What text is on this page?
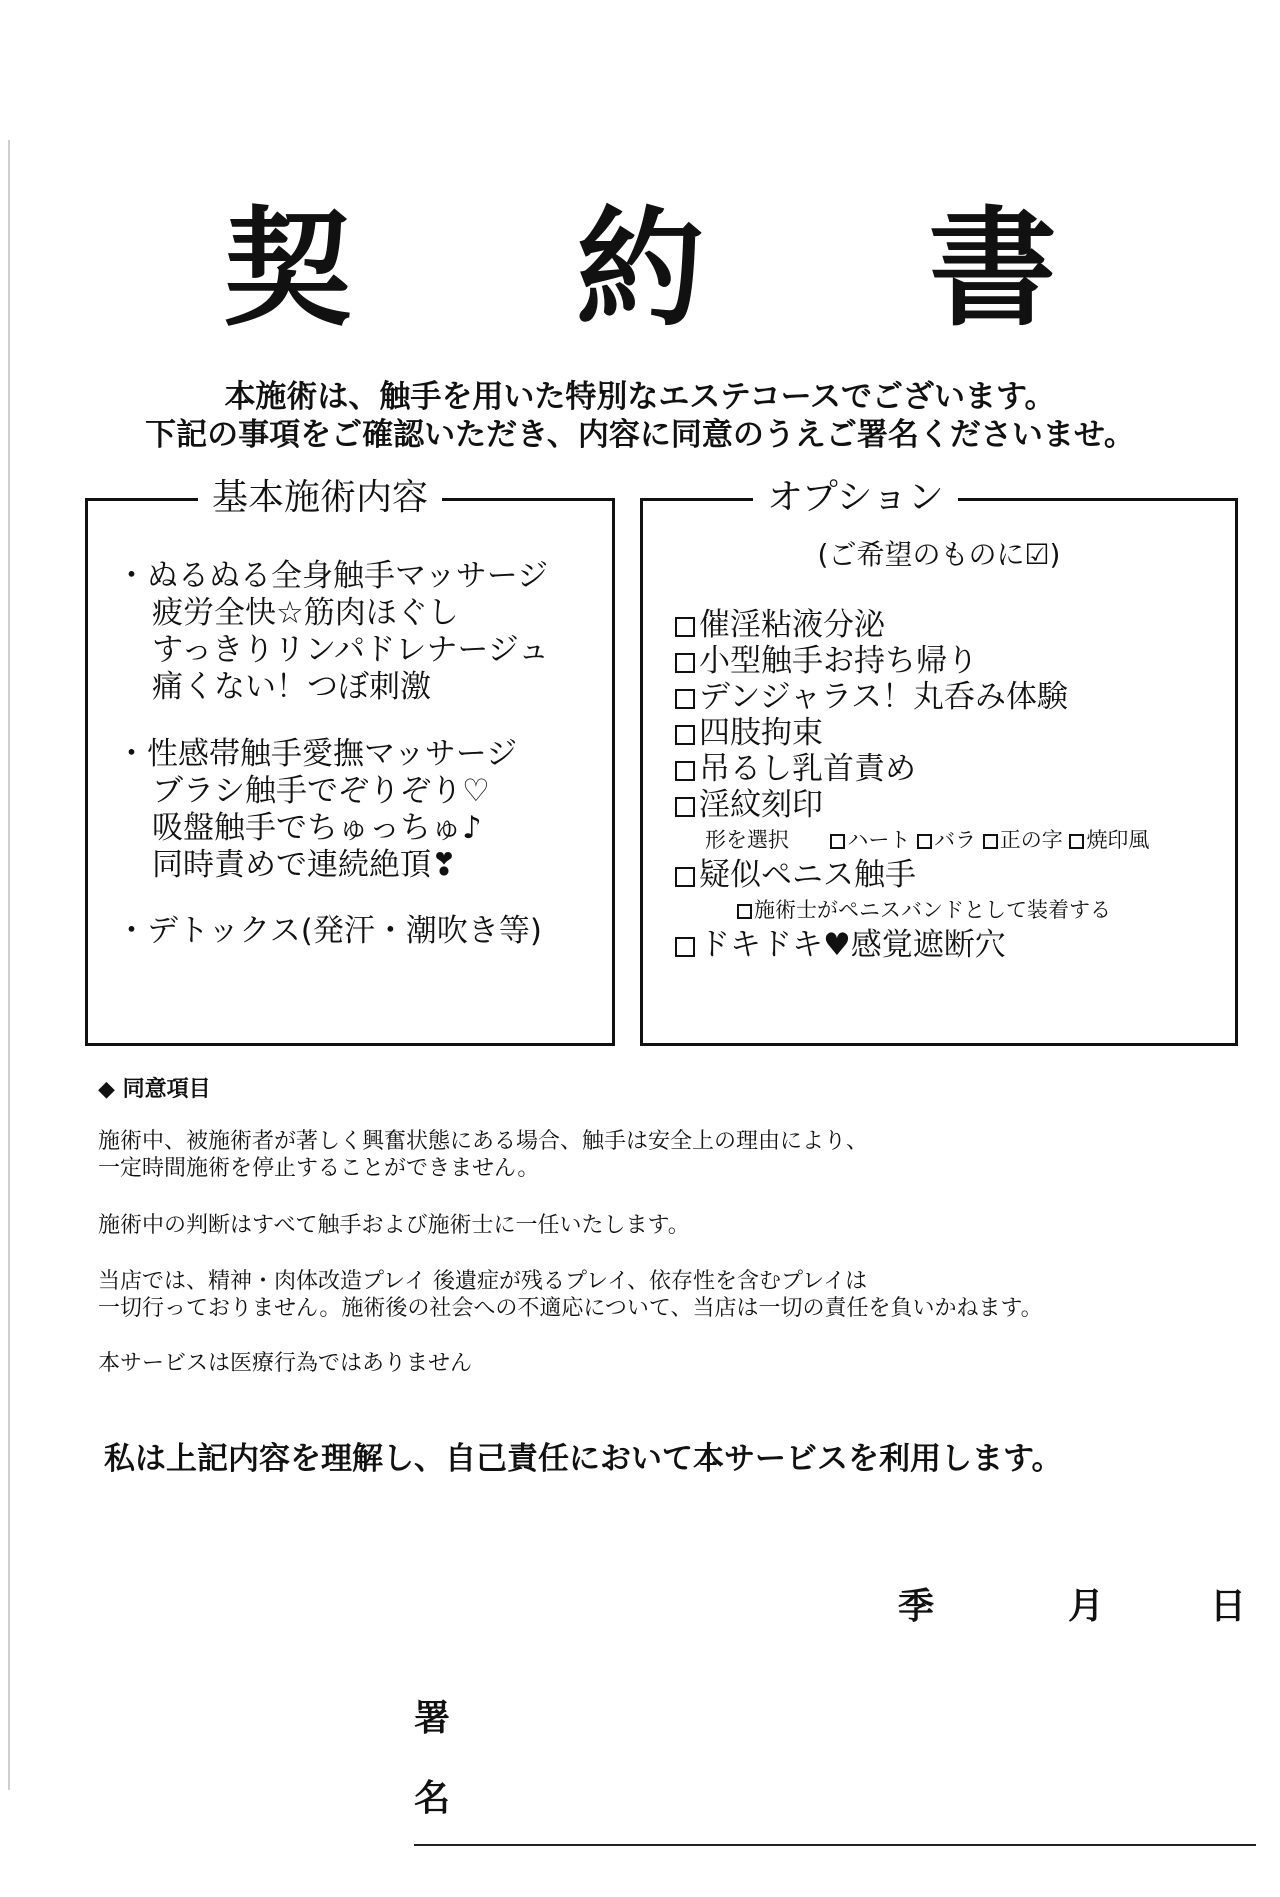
契 約 書
本施術は、触手を用いた特別なエステコースでございます。
下記の事項をご確認いただき、内容に同意のうえご署名くださいませ。
基本施術内容
・ぬるぬる全身触手マッサージ
疲労全快☆筋肉ほぐし
すっきりリンパドレナージュ
痛くない！つぼ刺激
・性感帯触手愛撫マッサージ
ブラシ触手でぞりぞり♡
吸盤触手でちゅっちゅ♪
同時責めで連続絶頂❣
・デトックス(発汗・潮吹き等)
オプション
(ご希望のものに☑)
催淫粘液分泌
小型触手お持ち帰り
デンジャラス！丸呑み体験
四肢拘束
吊るし乳首責め
淫紋刻印
形を選択	ハート バラ 正の字 焼印風
疑似ペニス触手
施術士がペニスバンドとして装着する
ドキドキ♥感覚遮断穴
◆ 同意項目
施術中、被施術者が著しく興奮状態にある場合、触手は安全上の理由により、
一定時間施術を停止することができません。
施術中の判断はすべて触手および施術士に一任いたします。
当店では、精神・肉体改造プレイ 後遺症が残るプレイ、依存性を含むプレイは
一切行っておりません。施術後の社会への不適応について、当店は一切の責任を負いかねます。
本サービスは医療行為ではありません
私は上記内容を理解し、自己責任において本サービスを利用します。
季	月	日
署
名
